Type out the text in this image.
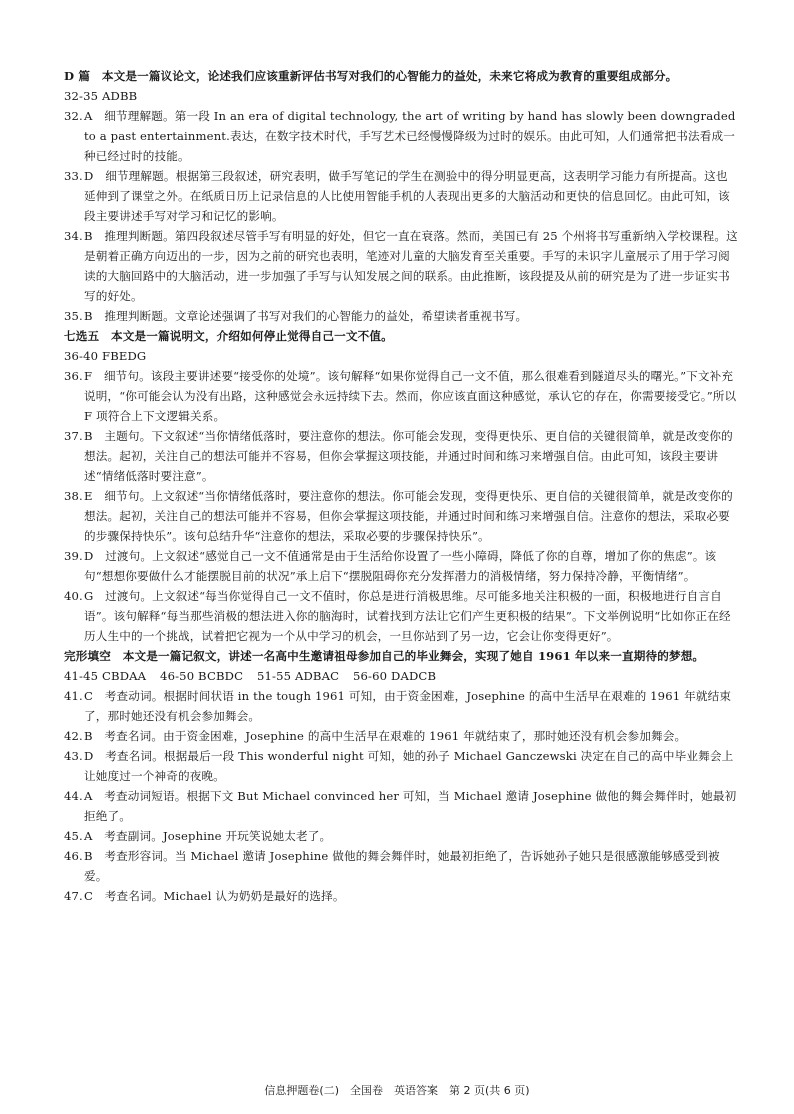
D 篇　本文是一篇议论文，论述我们应该重新评估书写对我们的心智能力的益处，未来它将成为教育的重要组成部分。
32-35 ADBB
32. A　细节理解题。第一段 In an era of digital technology, the art of writing by hand has slowly been downgraded to a past entertainment.表达，在数字技术时代，手写艺术已经慢慢降级为过时的娱乐。由此可知，人们通常把书法看成一种已经过时的技能。
33. D　细节理解题。根据第三段叙述，研究表明，做手写笔记的学生在测验中的得分明显更高，这表明学习能力有所提高。这也延伸到了课堂之外。在纸质日历上记录信息的人比使用智能手机的人表现出更多的大脑活动和更快的信息回忆。由此可知，该段主要讲述手写对学习和记忆的影响。
34. B　推理判断题。第四段叙述尽管手写有明显的好处，但它一直在衰落。然而，美国已有 25 个州将书写重新纳入学校课程。这是朝着正确方向迈出的一步，因为之前的研究也表明，笔迹对儿童的大脑发育至关重要。手写的未识字儿童展示了用于学习阅读的大脑回路中的大脑活动，进一步加强了手写与认知发展之间的联系。由此推断，该段提及从前的研究是为了进一步证实书写的好处。
35. B　推理判断题。文章论述强调了书写对我们的心智能力的益处，希望读者重视书写。
七选五　本文是一篇说明文，介绍如何停止觉得自己一文不值。
36-40 FBEDG
36. F　细节句。该段主要讲述要“接受你的处境”。该句解释“如果你觉得自己一文不值，那么很难看到隧道尽头的曙光。”下文补充说明，“你可能会认为没有出路，这种感觉会永远持续下去。然而，你应该直面这种感觉，承认它的存在，你需要接受它。”所以 F 项符合上下文逻辑关系。
37. B　主题句。下文叙述“当你情绪低落时，要注意你的想法。你可能会发现，变得更快乐、更自信的关键很简单，就是改变你的想法。起初，关注自己的想法可能并不容易，但你会掌握这项技能，并通过时间和练习来增强自信。由此可知，该段主要讲述“情绪低落时要注意”。
38. E　细节句。上文叙述“当你情绪低落时，要注意你的想法。你可能会发现，变得更快乐、更自信的关键很简单，就是改变你的想法。起初，关注自己的想法可能并不容易，但你会掌握这项技能，并通过时间和练习来增强自信。注意你的想法，采取必要的步骤保持快乐”。该句总结升华“注意你的想法，采取必要的步骤保持快乐”。
39. D　过渡句。上文叙述“感觉自己一文不值通常是由于生活给你设置了一些小障碍，降低了你的自尊，增加了你的焦虑”。该句“想想你要做什么才能摆脱目前的状况”承上启下“摆脱阻碍你充分发挥潜力的消极情绪，努力保持冷静，平衡情绪”。
40. G　过渡句。上文叙述“每当你觉得自己一文不值时，你总是进行消极思维。尽可能多地关注积极的一面，积极地进行自言自语”。该句解释“每当那些消极的想法进入你的脑海时，试着找到方法让它们产生更积极的结果”。下文举例说明“比如你正在经历人生中的一个挑战，试着把它视为一个从中学习的机会，一旦你站到了另一边，它会让你变得更好”。
完形填空　本文是一篇记叙文，讲述一名高中生邀请祖母参加自己的毕业舞会，实现了她自 1961 年以来一直期待的梦想。
41-45 CBDAA 46-50 BCBDC 51-55 ADBAC 56-60 DADCB
41. C　考查动词。根据时间状语 in the tough 1961 可知，由于资金困难，Josephine 的高中生活早在艰难的 1961 年就结束了，那时她还没有机会参加舞会。
42. B　考查名词。由于资金困难，Josephine 的高中生活早在艰难的 1961 年就结束了，那时她还没有机会参加舞会。
43. D　考查名词。根据最后一段 This wonderful night 可知，她的孙子 Michael Ganczewski 决定在自己的高中毕业舞会上让她度过一个神奇的夜晚。
44. A　考查动词短语。根据下文 But Michael convinced her 可知，当 Michael 邀请 Josephine 做他的舞会舞伴时，她最初拒绝了。
45. A　考查副词。Josephine 开玩笑说她太老了。
46. B　考查形容词。当 Michael 邀请 Josephine 做他的舞会舞伴时，她最初拒绝了，告诉她孙子她只是很感激能够感受到被爱。
47. C　考查名词。Michael 认为奶奶是最好的选择。
信息押题卷(二)　全国卷　英语答案　第 2 页(共 6 页)
